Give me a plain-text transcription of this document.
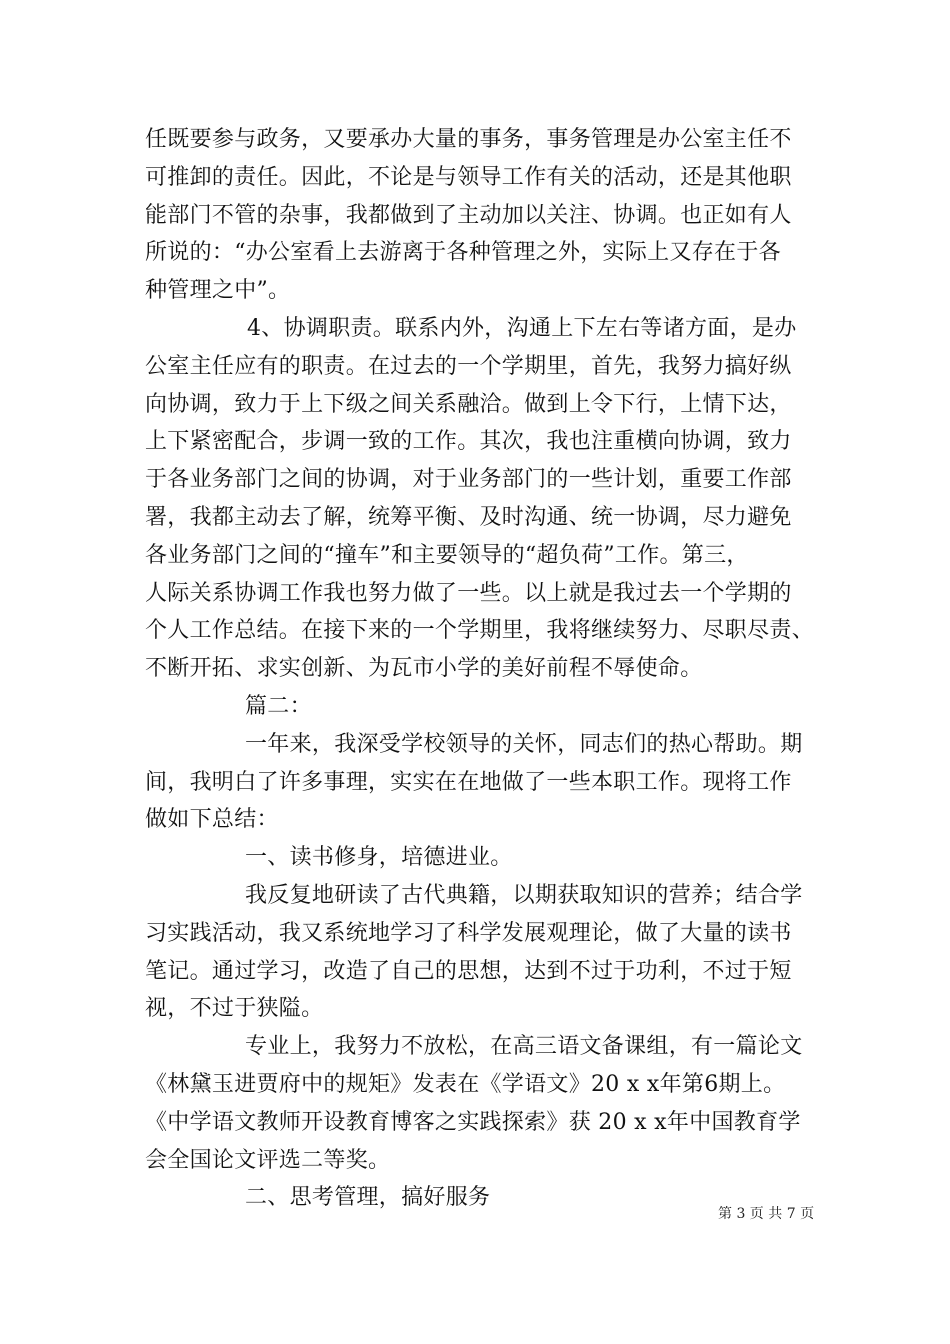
任既要参与政务，又要承办大量的事务，事务管理是办公室主任不
可推卸的责任。因此，不论是与领导工作有关的活动，还是其他职
能部门不管的杂事，我都做到了主动加以关注、协调。也正如有人
所说的：“办公室看上去游离于各种管理之外，实际上又存在于各
种管理之中”。
4、协调职责。联系内外，沟通上下左右等诸方面，是办
公室主任应有的职责。在过去的一个学期里，首先，我努力搞好纵
向协调，致力于上下级之间关系融洽。做到上令下行，上情下达，
上下紧密配合，步调一致的工作。其次，我也注重横向协调，致力
于各业务部门之间的协调，对于业务部门的一些计划，重要工作部
署，我都主动去了解，统筹平衡、及时沟通、统一协调，尽力避免
各业务部门之间的“撞车”和主要领导的“超负荷”工作。第三，
人际关系协调工作我也努力做了一些。以上就是我过去一个学期的
个人工作总结。在接下来的一个学期里，我将继续努力、尽职尽责、
不断开拓、求实创新、为瓦市小学的美好前程不辱使命。
篇二：
一年来，我深受学校领导的关怀，同志们的热心帮助。期
间，我明白了许多事理，实实在在地做了一些本职工作。现将工作
做如下总结：
一、读书修身，培德进业。
我反复地研读了古代典籍，以期获取知识的营养；结合学
习实践活动，我又系统地学习了科学发展观理论，做了大量的读书
笔记。通过学习，改造了自己的思想，达到不过于功利，不过于短
视，不过于狭隘。
专业上，我努力不放松，在高三语文备课组，有一篇论文
《林黛玉进贾府中的规矩》发表在《学语文》20 x x年第6期上。
《中学语文教师开设教育博客之实践探索》获 20 x x年中国教育学
会全国论文评选二等奖。
二、思考管理，搞好服务
第 3 页 共 7 页
